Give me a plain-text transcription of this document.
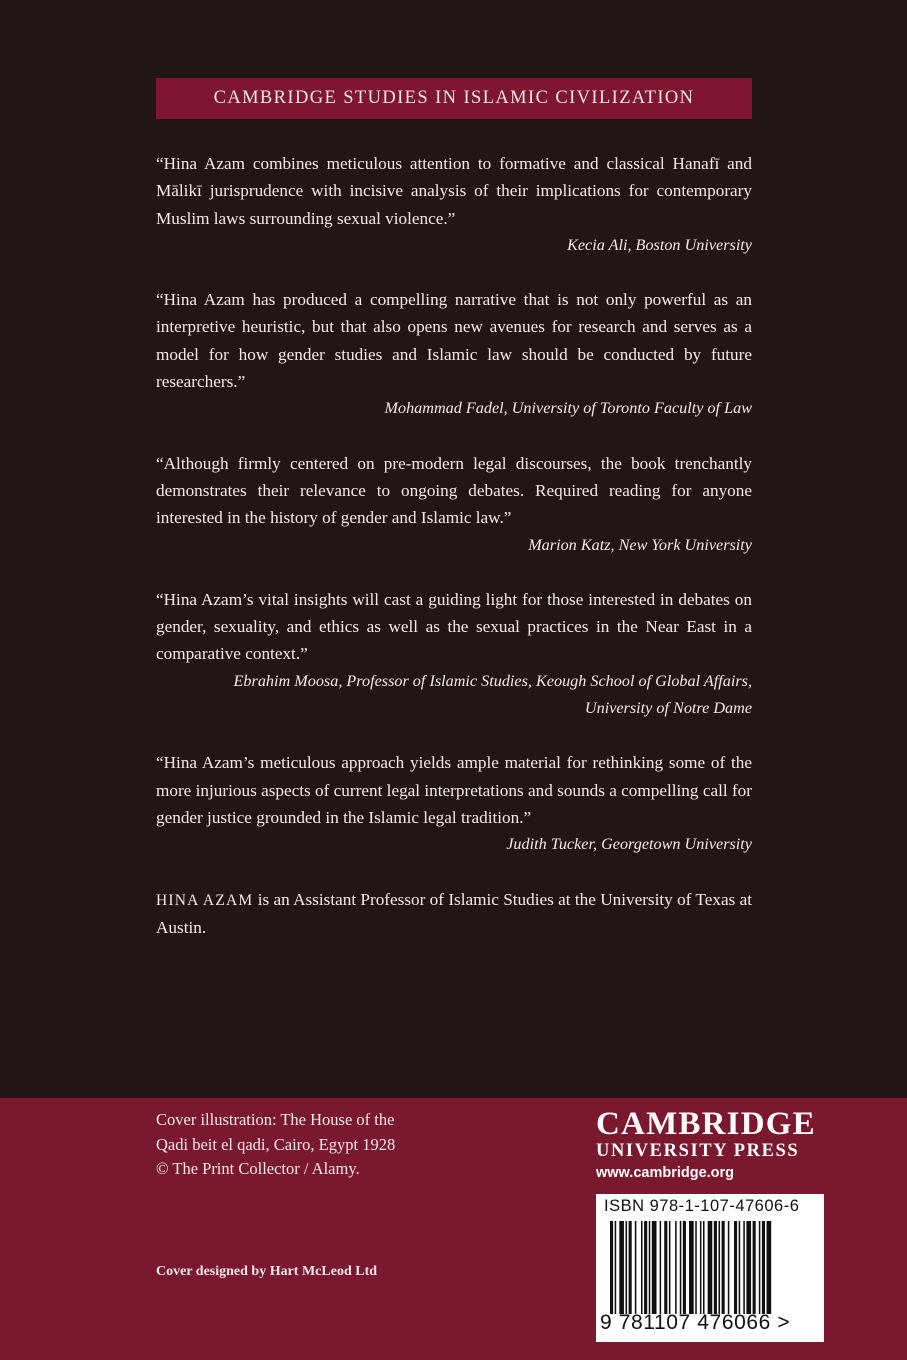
CAMBRIDGE STUDIES IN ISLAMIC CIVILIZATION

“Hina Azam combines meticulous attention to formative and classical Hanafī and Mālikī jurisprudence with incisive analysis of their implications for contemporary Muslim laws surrounding sexual violence.”

Kecia Ali, Boston University

“Hina Azam has produced a compelling narrative that is not only powerful as an interpretive heuristic, but that also opens new avenues for research and serves as a model for how gender studies and Islamic law should be conducted by future researchers.”

Mohammad Fadel, University of Toronto Faculty of Law

“Although firmly centered on pre-modern legal discourses, the book trenchantly demonstrates their relevance to ongoing debates. Required reading for anyone interested in the history of gender and Islamic law.”

Marion Katz, New York University

“Hina Azam’s vital insights will cast a guiding light for those interested in debates on gender, sexuality, and ethics as well as the sexual practices in the Near East in a comparative context.”

Ebrahim Moosa, Professor of Islamic Studies, Keough School of Global Affairs,

University of Notre Dame

“Hina Azam’s meticulous approach yields ample material for rethinking some of the more injurious aspects of current legal interpretations and sounds a compelling call for gender justice grounded in the Islamic legal tradition.”

Judith Tucker, Georgetown University

HINA AZAM is an Assistant Professor of Islamic Studies at the University of Texas at Austin.

Cover illustration: The House of the
Qadi beit el qadi, Cairo, Egypt 1928
© The Print Collector / Alamy.

Cover designed by Hart McLeod Ltd

CAMBRIDGE
UNIVERSITY PRESS
www.cambridge.org
ISBN 978-1-107-47606-6
9 781107 476066 >
